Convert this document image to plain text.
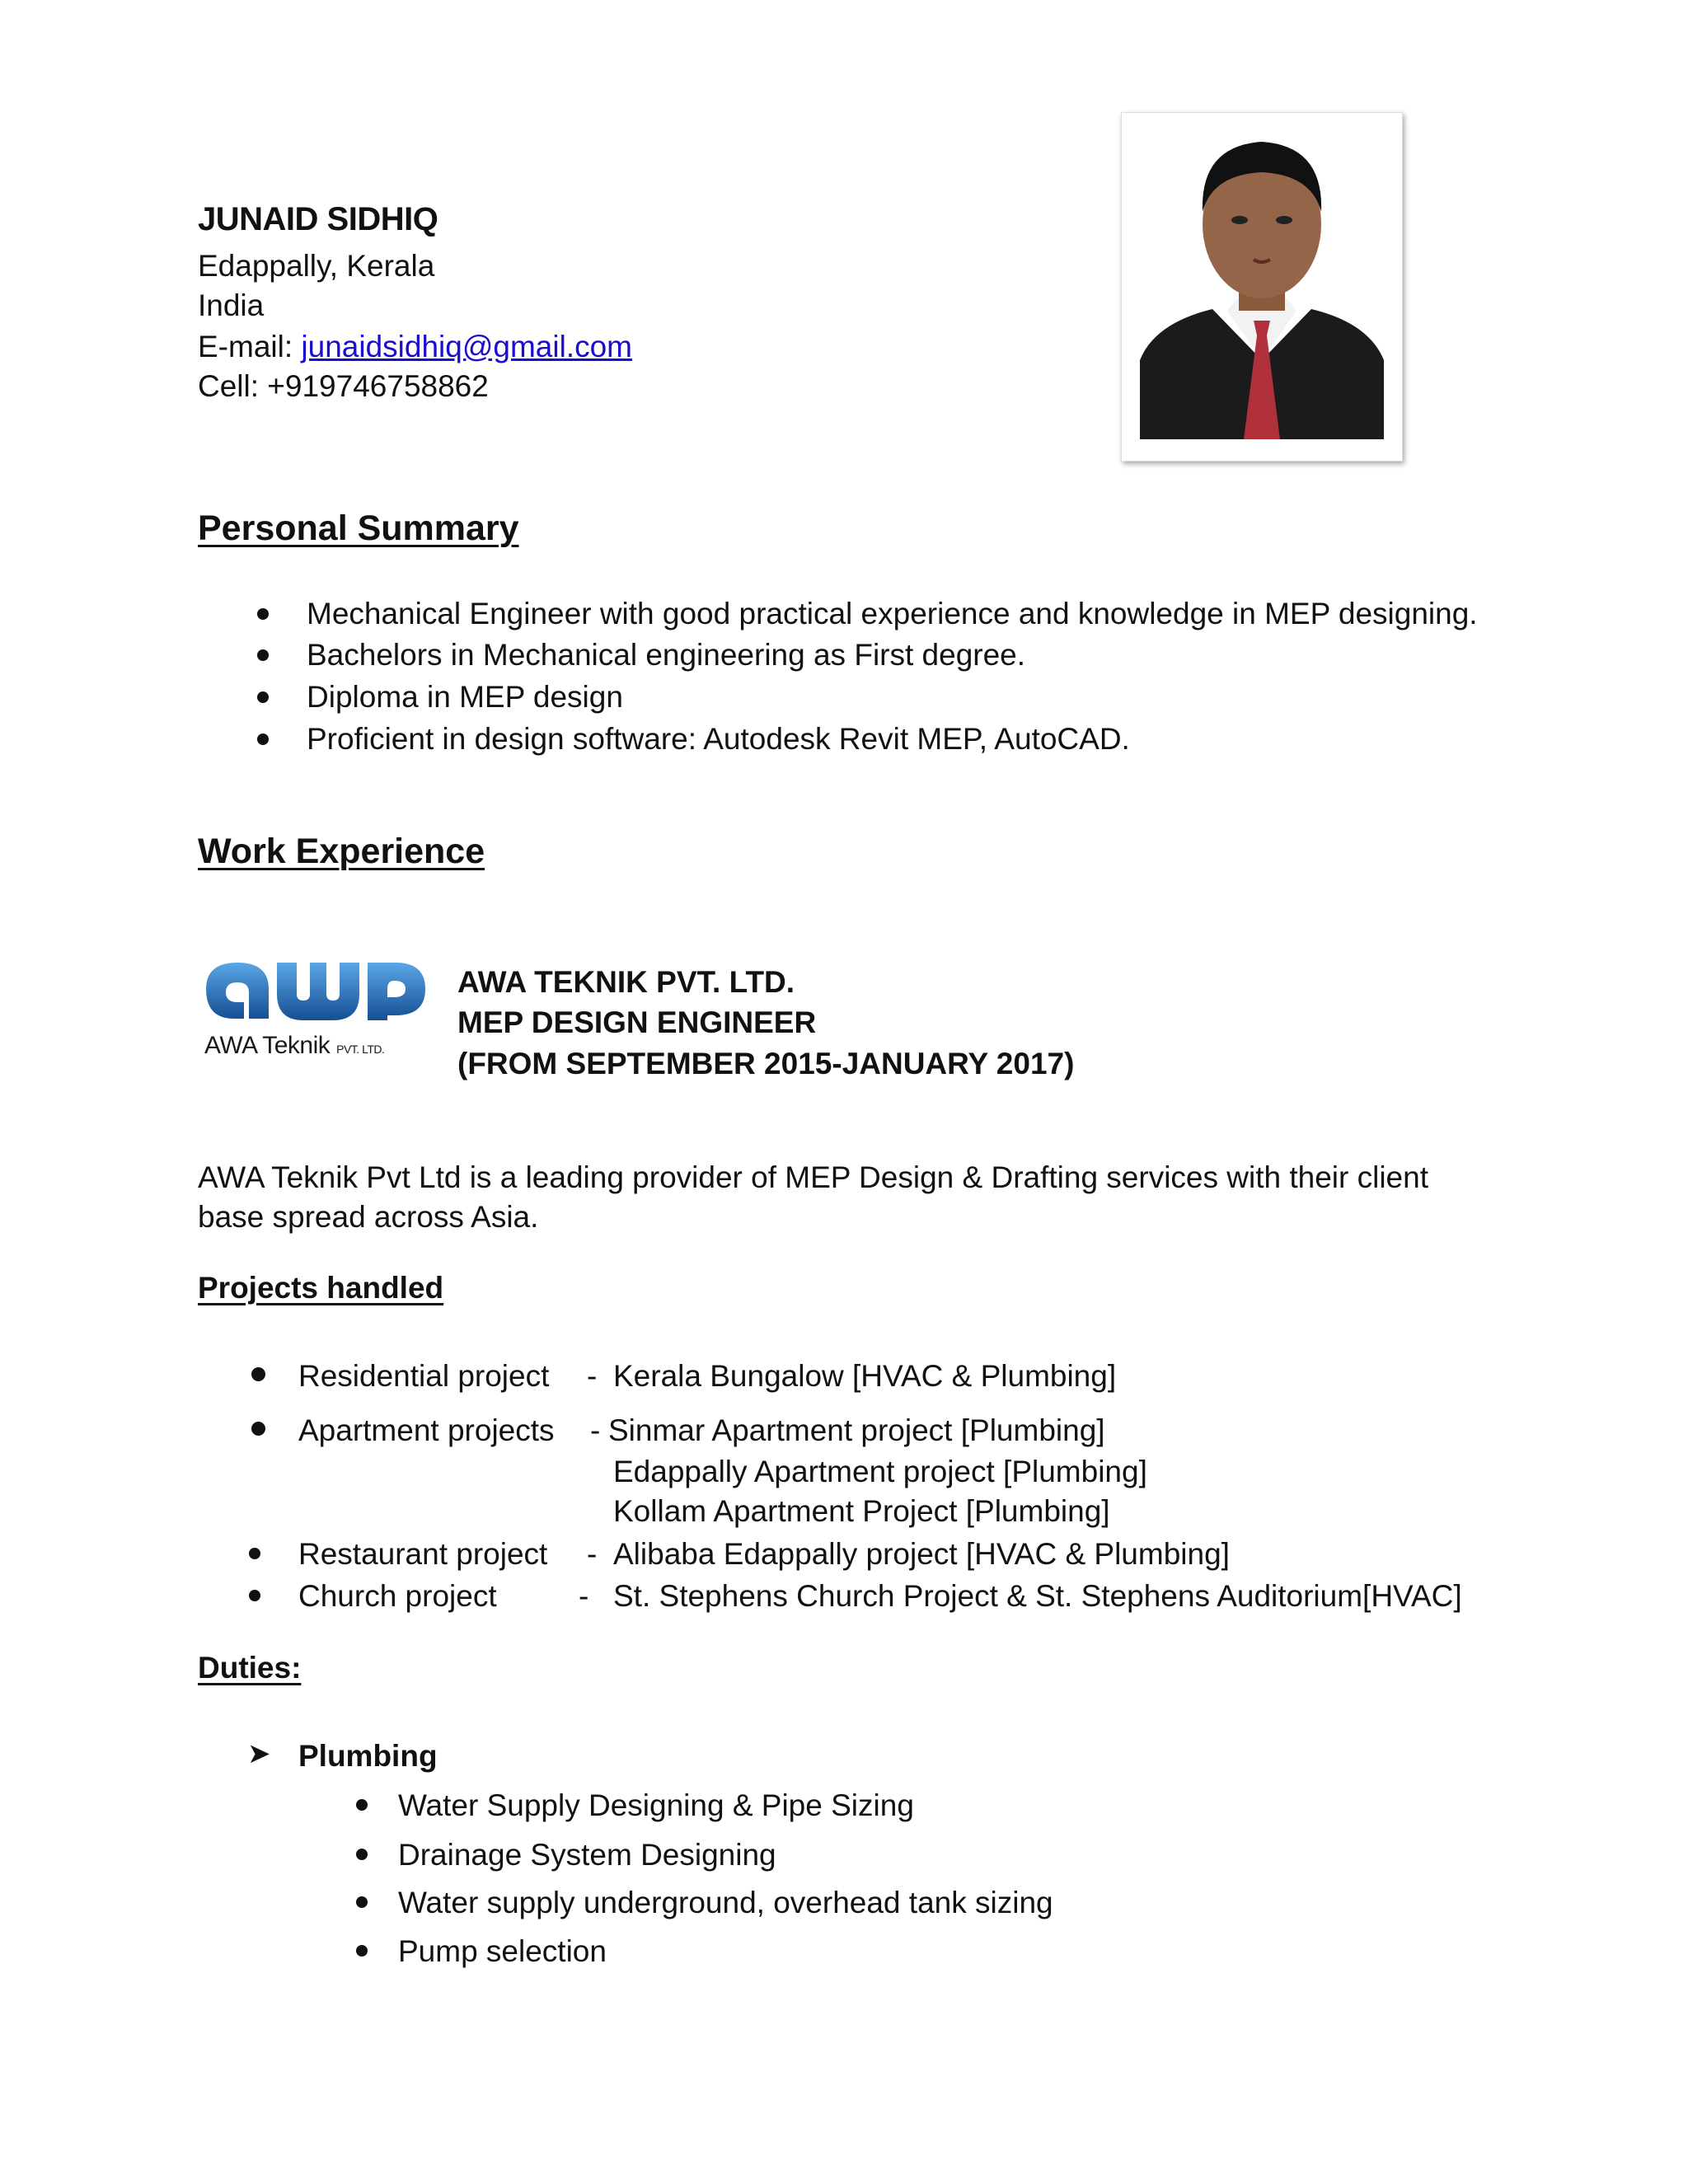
JUNAID SIDHIQ
Edappally, Kerala
India
E-mail: junaidsidhiq@gmail.com
Cell: +919746758862
Personal Summary
Mechanical Engineer with good practical experience and knowledge in MEP designing.
Bachelors in Mechanical engineering as First degree.
Diploma in MEP design
Proficient in design software: Autodesk Revit MEP, AutoCAD.
Work Experience
AWA Teknik PVT. LTD.
AWA TEKNIK PVT. LTD.
MEP DESIGN ENGINEER
(FROM SEPTEMBER 2015-JANUARY 2017)
AWA Teknik Pvt Ltd is a leading provider of MEP Design & Drafting services with their client
base spread across Asia.
Projects handled
Residential project - Kerala Bungalow [HVAC & Plumbing]
Apartment projects - Sinmar Apartment project [Plumbing]
Edappally Apartment project [Plumbing]
Kollam Apartment Project [Plumbing]
Restaurant project - Alibaba Edappally project [HVAC & Plumbing]
Church project	- St. Stephens Church Project & St. Stephens Auditorium[HVAC]
Duties:
➤ Plumbing
Water Supply Designing & Pipe Sizing
Drainage System Designing
Water supply underground, overhead tank sizing
Pump selection
